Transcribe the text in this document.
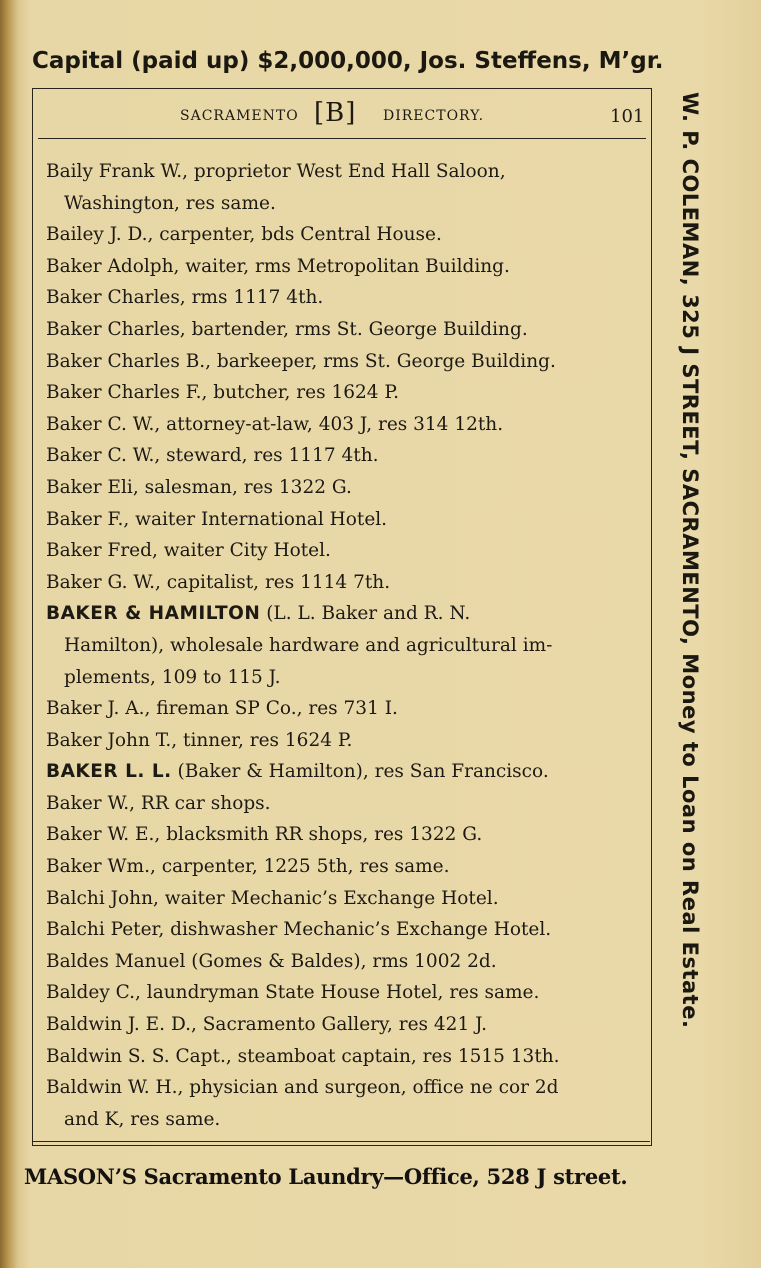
Capital (paid up) $2,000,000, Jos. Steffens, M’gr.
SACRAMENTO [B] DIRECTORY.	101
Baily Frank W., proprietor West End Hall Saloon,
Washington, res same.
Bailey J. D., carpenter, bds Central House.
Baker Adolph, waiter, rms Metropolitan Building.
Baker Charles, rms 1117 4th.
Baker Charles, bartender, rms St. George Building.
Baker Charles B., barkeeper, rms St. George Building.
Baker Charles F., butcher, res 1624 P.
Baker C. W., attorney-at-law, 403 J, res 314 12th.
Baker C. W., steward, res 1117 4th.
Baker Eli, salesman, res 1322 G.
Baker F., waiter International Hotel.
Baker Fred, waiter City Hotel.
Baker G. W., capitalist, res 1114 7th.
BAKER & HAMILTON (L. L. Baker and R. N.
Hamilton), wholesale hardware and agricultural im-
plements, 109 to 115 J.
Baker J. A., fireman SP Co., res 731 I.
Baker John T., tinner, res 1624 P.
BAKER L. L. (Baker & Hamilton), res San Francisco.
Baker W., RR car shops.
Baker W. E., blacksmith RR shops, res 1322 G.
Baker Wm., carpenter, 1225 5th, res same.
Balchi John, waiter Mechanic’s Exchange Hotel.
Balchi Peter, dishwasher Mechanic’s Exchange Hotel.
Baldes Manuel (Gomes & Baldes), rms 1002 2d.
Baldey C., laundryman State House Hotel, res same.
Baldwin J. E. D., Sacramento Gallery, res 421 J.
Baldwin S. S. Capt., steamboat captain, res 1515 13th.
Baldwin W. H., physician and surgeon, office ne cor 2d
and K, res same.
W. P. COLEMAN, 325 J STREET, SACRAMENTO, Money to Loan on Real Estate.
MASON’S Sacramento Laundry—Office, 528 J street.
